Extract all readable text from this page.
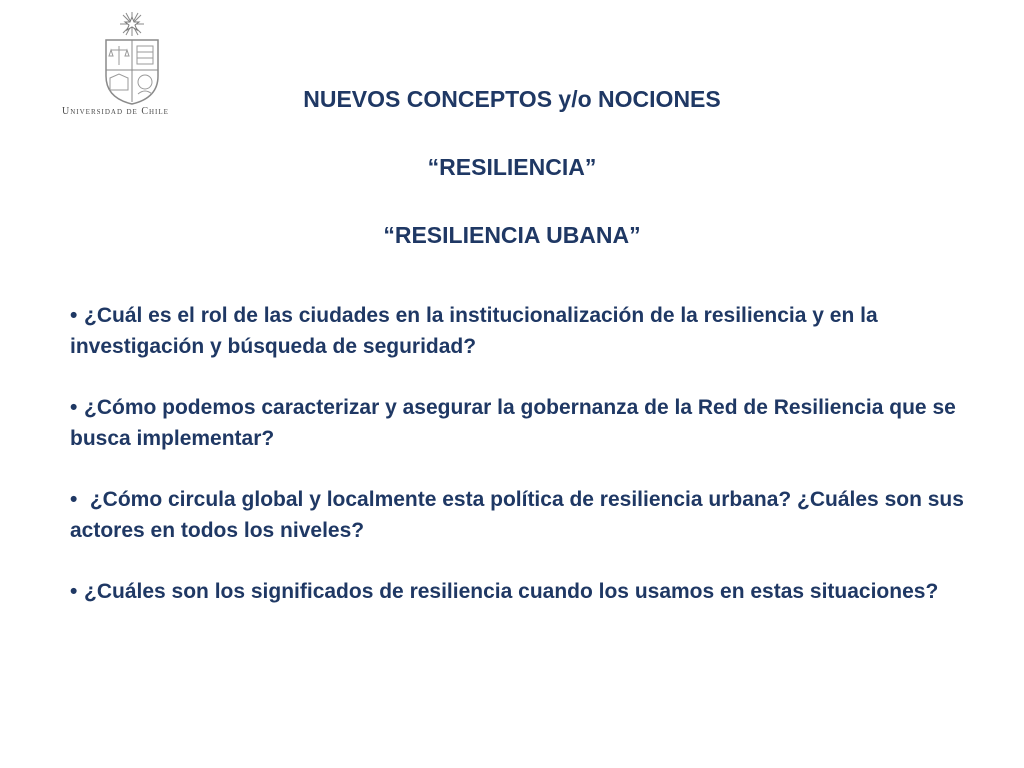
Universidad de Chile	NUEVOS CONCEPTOS y/o NOCIONES
“RESILIENCIA”
“RESILIENCIA UBANA”
• ¿Cuál es el rol de las ciudades en la institucionalización de la resiliencia y en la investigación y búsqueda de seguridad?
• ¿Cómo podemos caracterizar y asegurar la gobernanza de la Red de Resiliencia que se busca implementar?
• ¿Cómo circula global y localmente esta política de resiliencia urbana? ¿Cuáles son sus actores en todos los niveles?
• ¿Cuáles son los significados de resiliencia cuando los usamos en estas situaciones?
